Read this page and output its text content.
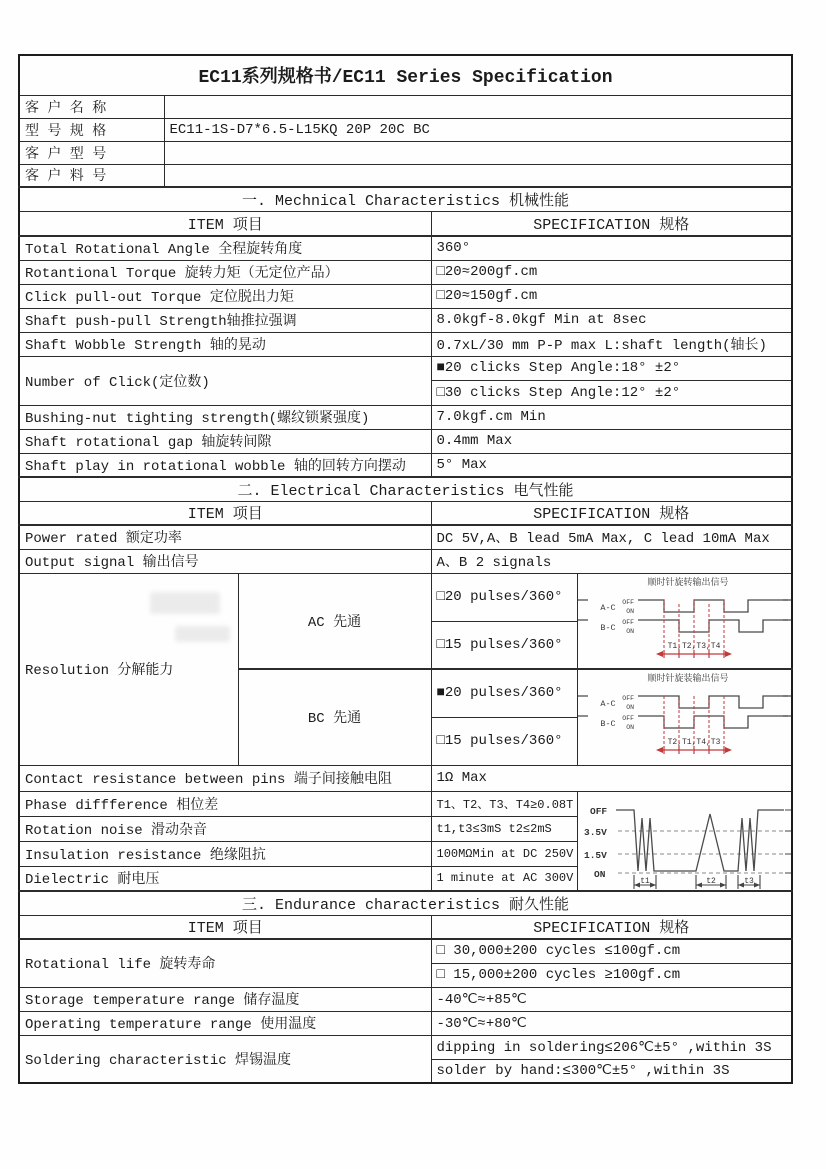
EC11系列规格书/EC11 Series Specification				
客 户 名 称				
型 号 规 格	EC11-1S-D7*6.5-L15KQ 20P 20C BC			
客 户 型 号				
客 户 料 号				
一. Mechnical Characteristics 机械性能				
ITEM 项目			SPECIFICATION 规格	
Total Rotational Angle 全程旋转角度			360°	
Rotantional Torque 旋转力矩（无定位产品）			□20≈200gf.cm	
Click pull-out Torque 定位脱出力矩			□20≈150gf.cm	
Shaft push-pull Strength轴推拉强调			8.0kgf-8.0kgf Min at 8sec	
Shaft Wobble Strength 轴的晃动			0.7xL/30 mm P-P max L:shaft length(轴长)	
Number of Click(定位数)			■20 clicks Step Angle:18° ±2°	
			□30 clicks Step Angle:12° ±2°	
Bushing-nut tighting strength(螺纹锁紧强度)			7.0kgf.cm Min	
Shaft rotational gap 轴旋转间隙			0.4mm Max	
Shaft play in rotational wobble 轴的回转方向摆动			5° Max	
二. Electrical Characteristics 电气性能				
ITEM 项目			SPECIFICATION 规格	
Power rated 额定功率			DC 5V,A、B lead 5mA Max, C lead 10mA Max	
Output signal 输出信号			A、B 2 signals	
Resolution 分解能力	AC 先通	□20 pulses/360°	
顺时针旋转输出信号
A-C
OFF
ON
B-C
OFF
ON
T1,T2,T3,T4

			□15 pulses/360°	
BC 先通	■20 pulses/360°	
顺时针旋装输出信号
A-C
OFF
ON
B-C
OFF
ON
T2,T1,T4,T3

			□15 pulses/360°	
Contact resistance between pins 端子间接触电阻			1Ω Max	
Phase diffference 相位差	T1、T2、T3、T4≥0.08T	OFF
3.5V
1.5V
ON
t1	t2	t3

Rotation noise 滑动杂音			t1,t3≤3mS t2≤2mS	
Insulation resistance 绝缘阻抗			100MΩMin at DC 250V	
Dielectric 耐电压			1 minute at AC 300V	
三. Endurance characteristics 耐久性能				
ITEM 项目			SPECIFICATION 规格	
Rotational life 旋转寿命			□ 30,000±200 cycles ≤100gf.cm	
			□ 15,000±200 cycles ≥100gf.cm	
Storage temperature range 储存温度			-40℃≈+85℃	
Operating temperature range 使用温度			-30℃≈+80℃	
Soldering characteristic 焊锡温度			dipping in soldering≤206℃±5° ,within 3S	
			solder by hand:≤300℃±5° ,within 3S	
